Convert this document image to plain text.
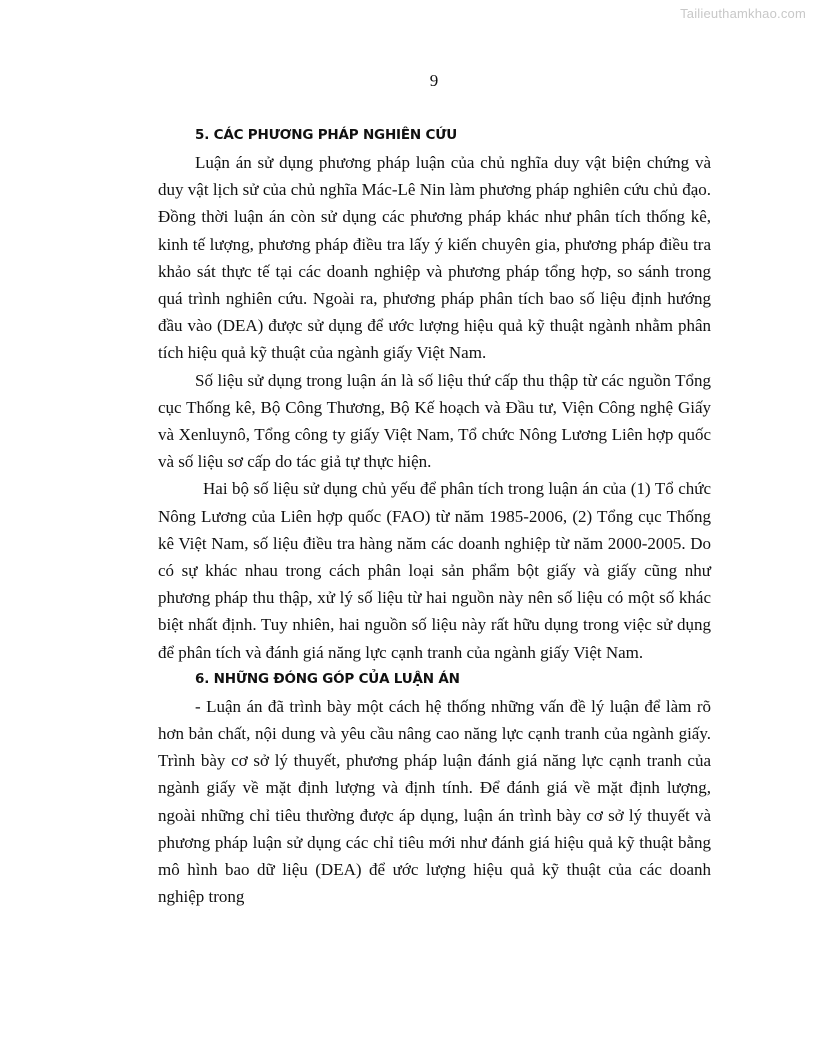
Tailieuthamkhao.com
9

5. CÁC PHƯƠNG PHÁP NGHIÊN CỨU

Luận án sử dụng phương pháp luận của chủ nghĩa duy vật biện chứng và duy vật lịch sử của chủ nghĩa Mác-Lê Nin làm phương pháp nghiên cứu chủ đạo. Đồng thời luận án còn sử dụng các phương pháp khác như phân tích thống kê, kinh tế lượng, phương pháp điều tra lấy ý kiến chuyên gia, phương pháp điều tra khảo sát thực tế tại các doanh nghiệp và phương pháp tổng hợp, so sánh trong quá trình nghiên cứu. Ngoài ra, phương pháp phân tích bao số liệu định hướng đầu vào (DEA) được sử dụng để ước lượng hiệu quả kỹ thuật ngành nhằm phân tích hiệu quả kỹ thuật của ngành giấy Việt Nam.

Số liệu sử dụng trong luận án là số liệu thứ cấp thu thập từ các nguồn Tổng cục Thống kê, Bộ Công Thương, Bộ Kế hoạch và Đầu tư, Viện Công nghệ Giấy và Xenluynô, Tổng công ty giấy Việt Nam, Tổ chức Nông Lương Liên hợp quốc và số liệu sơ cấp do tác giả tự thực hiện.

Hai bộ số liệu sử dụng chủ yếu để phân tích trong luận án của (1) Tổ chức Nông Lương của Liên hợp quốc (FAO) từ năm 1985-2006, (2) Tổng cục Thống kê Việt Nam, số liệu điều tra hàng năm các doanh nghiệp từ năm 2000-2005. Do có sự khác nhau trong cách phân loại sản phẩm bột giấy và giấy cũng như phương pháp thu thập, xử lý số liệu từ hai nguồn này nên số liệu có một số khác biệt nhất định. Tuy nhiên, hai nguồn số liệu này rất hữu dụng trong việc sử dụng để phân tích và đánh giá năng lực cạnh tranh của ngành giấy Việt Nam.

6. NHỮNG ĐÓNG GÓP CỦA LUẬN ÁN

- Luận án đã trình bày một cách hệ thống những vấn đề lý luận để làm rõ hơn bản chất, nội dung và yêu cầu nâng cao năng lực cạnh tranh của ngành giấy. Trình bày cơ sở lý thuyết, phương pháp luận đánh giá năng lực cạnh tranh của ngành giấy về mặt định lượng và định tính. Để đánh giá về mặt định lượng, ngoài những chỉ tiêu thường được áp dụng, luận án trình bày cơ sở lý thuyết và phương pháp luận sử dụng các chỉ tiêu mới như đánh giá hiệu quả kỹ thuật bằng mô hình bao dữ liệu (DEA) để ước lượng hiệu quả kỹ thuật của các doanh nghiệp trong
